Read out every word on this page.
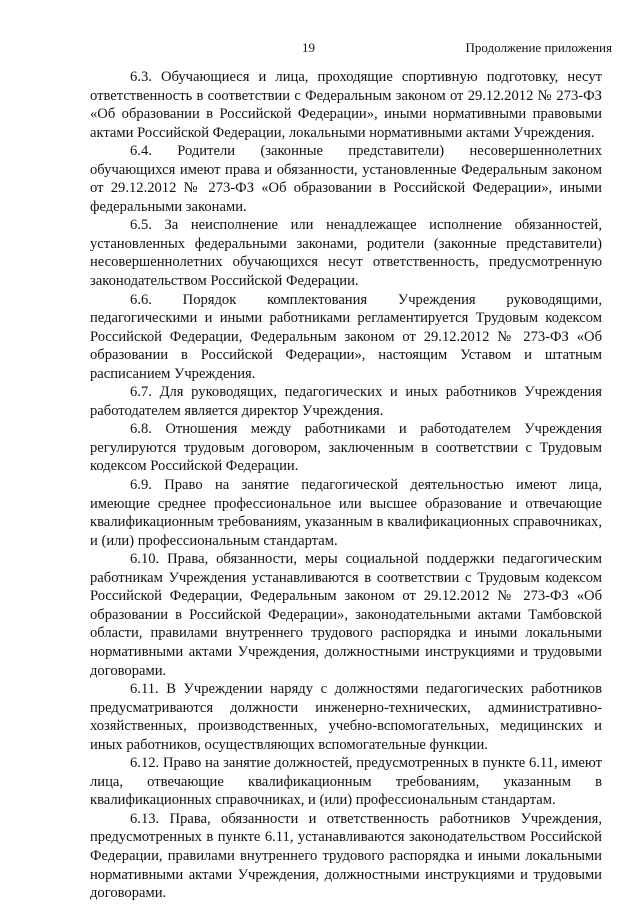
19	Продолжение приложения

6.3. Обучающиеся и лица, проходящие спортивную подготовку, несут ответственность в соответствии с Федеральным законом от 29.12.2012 № 273-ФЗ «Об образовании в Российской Федерации», иными нормативными правовыми актами Российской Федерации, локальными нормативными актами Учреждения.

6.4. Родители (законные представители) несовершеннолетних обучающихся имеют права и обязанности, установленные Федеральным законом от 29.12.2012 № 273-ФЗ «Об образовании в Российской Федерации», иными федеральными законами.

6.5. За неисполнение или ненадлежащее исполнение обязанностей, установленных федеральными законами, родители (законные представители) несовершеннолетних обучающихся несут ответственность, предусмотренную законодательством Российской Федерации.

6.6. Порядок комплектования Учреждения руководящими, педагогическими и иными работниками регламентируется Трудовым кодексом Российской Федерации, Федеральным законом от 29.12.2012 № 273-ФЗ «Об образовании в Российской Федерации», настоящим Уставом и штатным расписанием Учреждения.

6.7. Для руководящих, педагогических и иных работников Учреждения работодателем является директор Учреждения.

6.8. Отношения между работниками и работодателем Учреждения регулируются трудовым договором, заключенным в соответствии с Трудовым кодексом Российской Федерации.

6.9. Право на занятие педагогической деятельностью имеют лица, имеющие среднее профессиональное или высшее образование и отвечающие квалификационным требованиям, указанным в квалификационных справочниках, и (или) профессиональным стандартам.

6.10. Права, обязанности, меры социальной поддержки педагогическим работникам Учреждения устанавливаются в соответствии с Трудовым кодексом Российской Федерации, Федеральным законом от 29.12.2012 № 273-ФЗ «Об образовании в Российской Федерации», законодательными актами Тамбовской области, правилами внутреннего трудового распорядка и иными локальными нормативными актами Учреждения, должностными инструкциями и трудовыми договорами.

6.11. В Учреждении наряду с должностями педагогических работников предусматриваются должности инженерно-технических, административно-хозяйственных, производственных, учебно-вспомогательных, медицинских и иных работников, осуществляющих вспомогательные функции.

6.12. Право на занятие должностей, предусмотренных в пункте 6.11, имеют лица, отвечающие квалификационным требованиям, указанным в квалификационных справочниках, и (или) профессиональным стандартам.

6.13. Права, обязанности и ответственность работников Учреждения, предусмотренных в пункте 6.11, устанавливаются законодательством Российской Федерации, правилами внутреннего трудового распорядка и иными локальными нормативными актами Учреждения, должностными инструкциями и трудовыми договорами.
